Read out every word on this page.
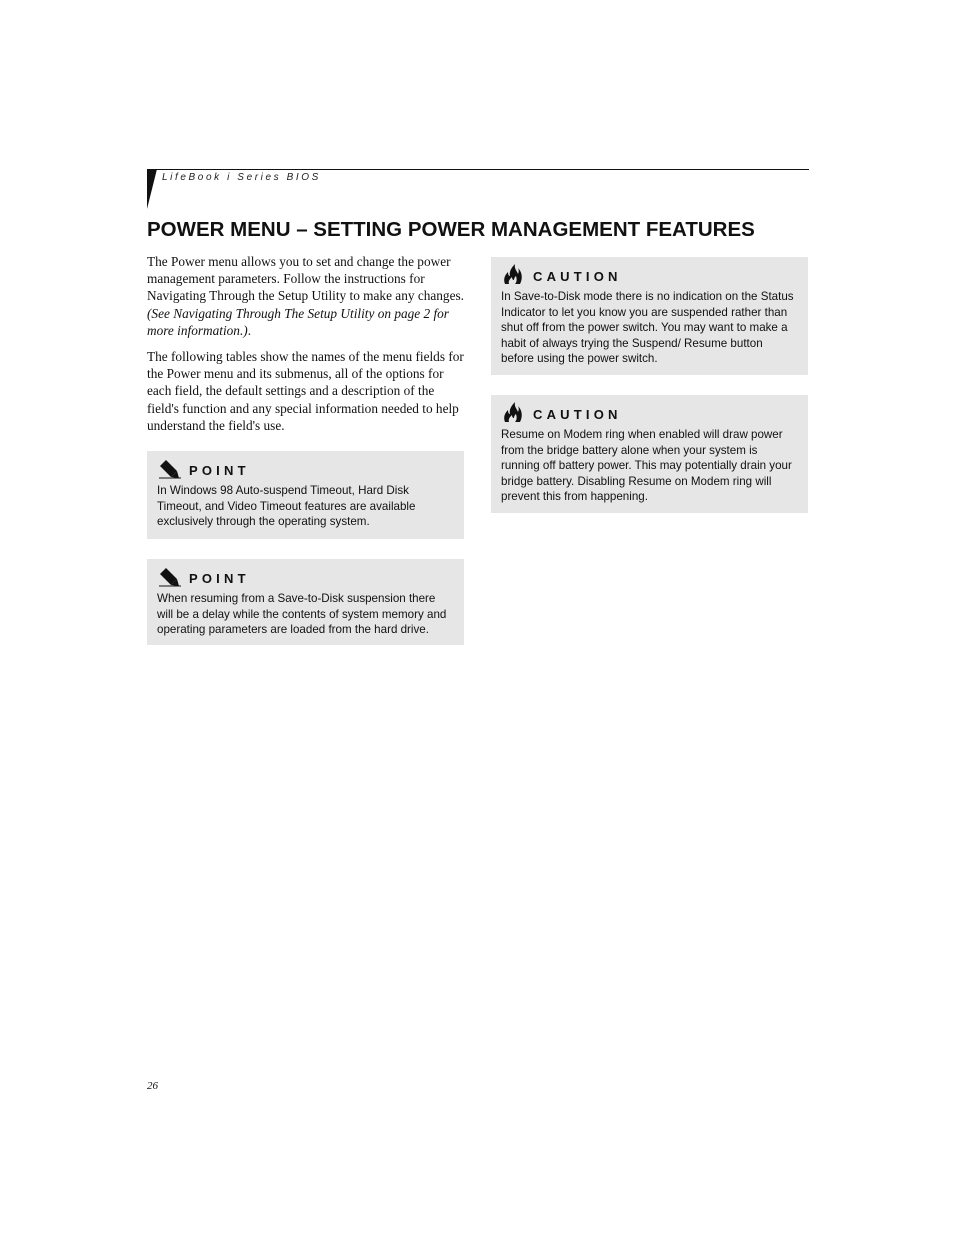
LifeBook i Series BIOS
POWER MENU – SETTING POWER MANAGEMENT FEATURES

The Power menu allows you to set and change the power management parameters. Follow the instructions for Navigating Through the Setup Utility to make any changes. (See Navigating Through The Setup Utility on page 2 for more information.).

The following tables show the names of the menu fields for the Power menu and its submenus, all of the options for each field, the default settings and a description of the field's function and any special information needed to help understand the field's use.

POINT
In Windows 98 Auto-suspend Timeout, Hard Disk Timeout, and Video Timeout features are available exclusively through the operating system.
POINT
When resuming from a Save-to-Disk suspension there will be a delay while the contents of system memory and operating parameters are loaded from the hard drive.
CAUTION
In Save-to-Disk mode there is no indication on the Status Indicator to let you know you are suspended rather than shut off from the power switch. You may want to make a habit of always trying the Suspend/ Resume button before using the power switch.
CAUTION
Resume on Modem ring when enabled will draw power from the bridge battery alone when your system is running off battery power. This may potentially drain your bridge battery. Disabling Resume on Modem ring will prevent this from happening.
26
